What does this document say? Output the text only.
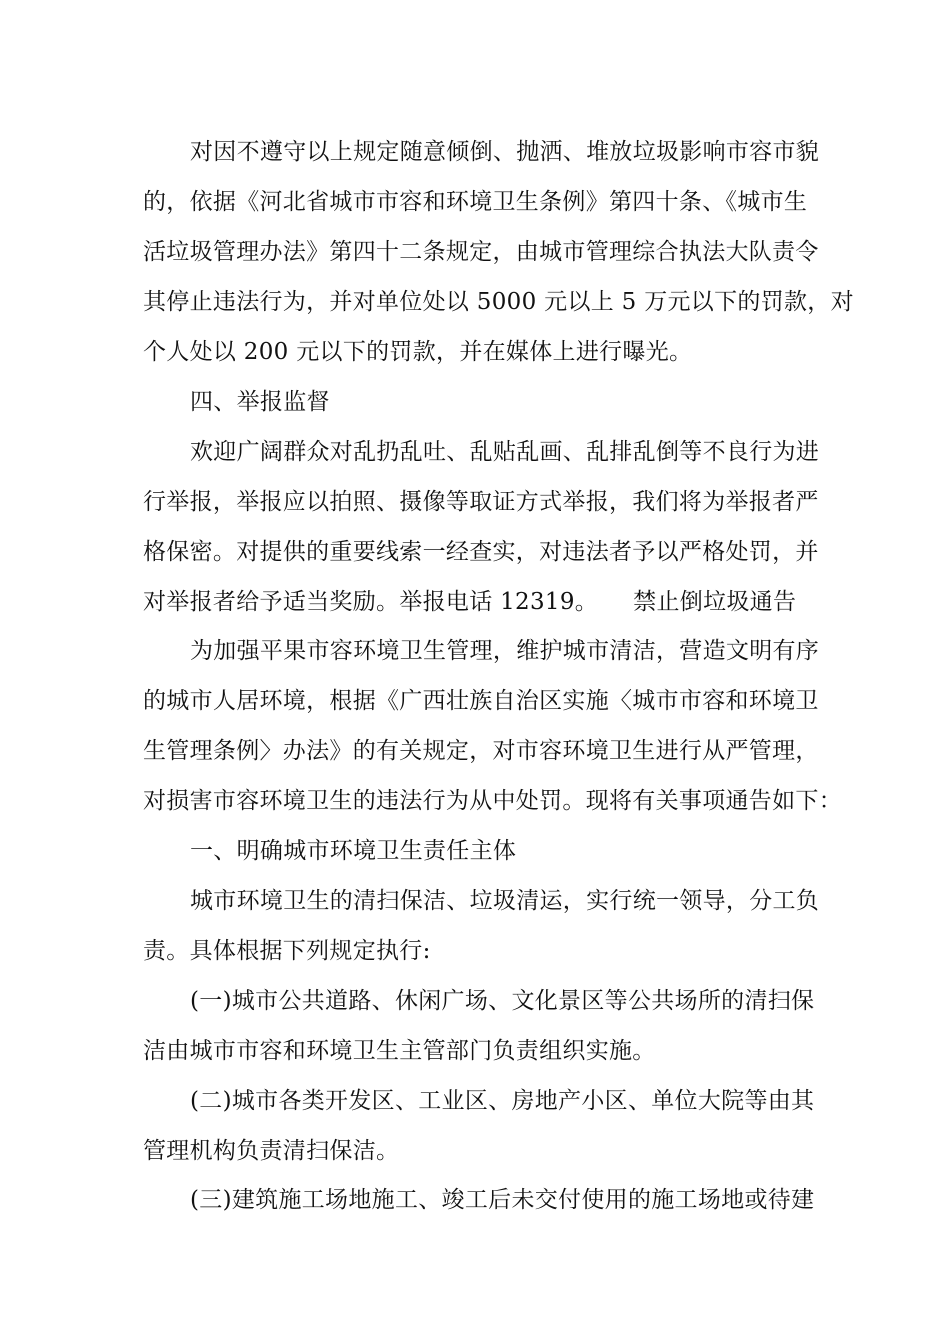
对因不遵守以上规定随意倾倒、抛洒、堆放垃圾影响市容市貌
的，依据《河北省城市市容和环境卫生条例》第四十条、《城市生
活垃圾管理办法》第四十二条规定，由城市管理综合执法大队责令
其停止违法行为，并对单位处以 5000 元以上 5 万元以下的罚款，对
个人处以 200 元以下的罚款，并在媒体上进行曝光。
四、举报监督
欢迎广阔群众对乱扔乱吐、乱贴乱画、乱排乱倒等不良行为进
行举报，举报应以拍照、摄像等取证方式举报，我们将为举报者严
格保密。对提供的重要线索一经查实，对违法者予以严格处罚，并
对举报者给予适当奖励。举报电话 12319。　　禁止倒垃圾通告
为加强平果市容环境卫生管理，维护城市清洁，营造文明有序
的城市人居环境，根据《广西壮族自治区实施〈城市市容和环境卫
生管理条例〉办法》的有关规定，对市容环境卫生进行从严管理，
对损害市容环境卫生的违法行为从中处罚。现将有关事项通告如下：
一、明确城市环境卫生责任主体
城市环境卫生的清扫保洁、垃圾清运，实行统一领导，分工负
责。具体根据下列规定执行:
(一)城市公共道路、休闲广场、文化景区等公共场所的清扫保
洁由城市市容和环境卫生主管部门负责组织实施。
(二)城市各类开发区、工业区、房地产小区、单位大院等由其
管理机构负责清扫保洁。
(三)建筑施工场地施工、竣工后未交付使用的施工场地或待建
